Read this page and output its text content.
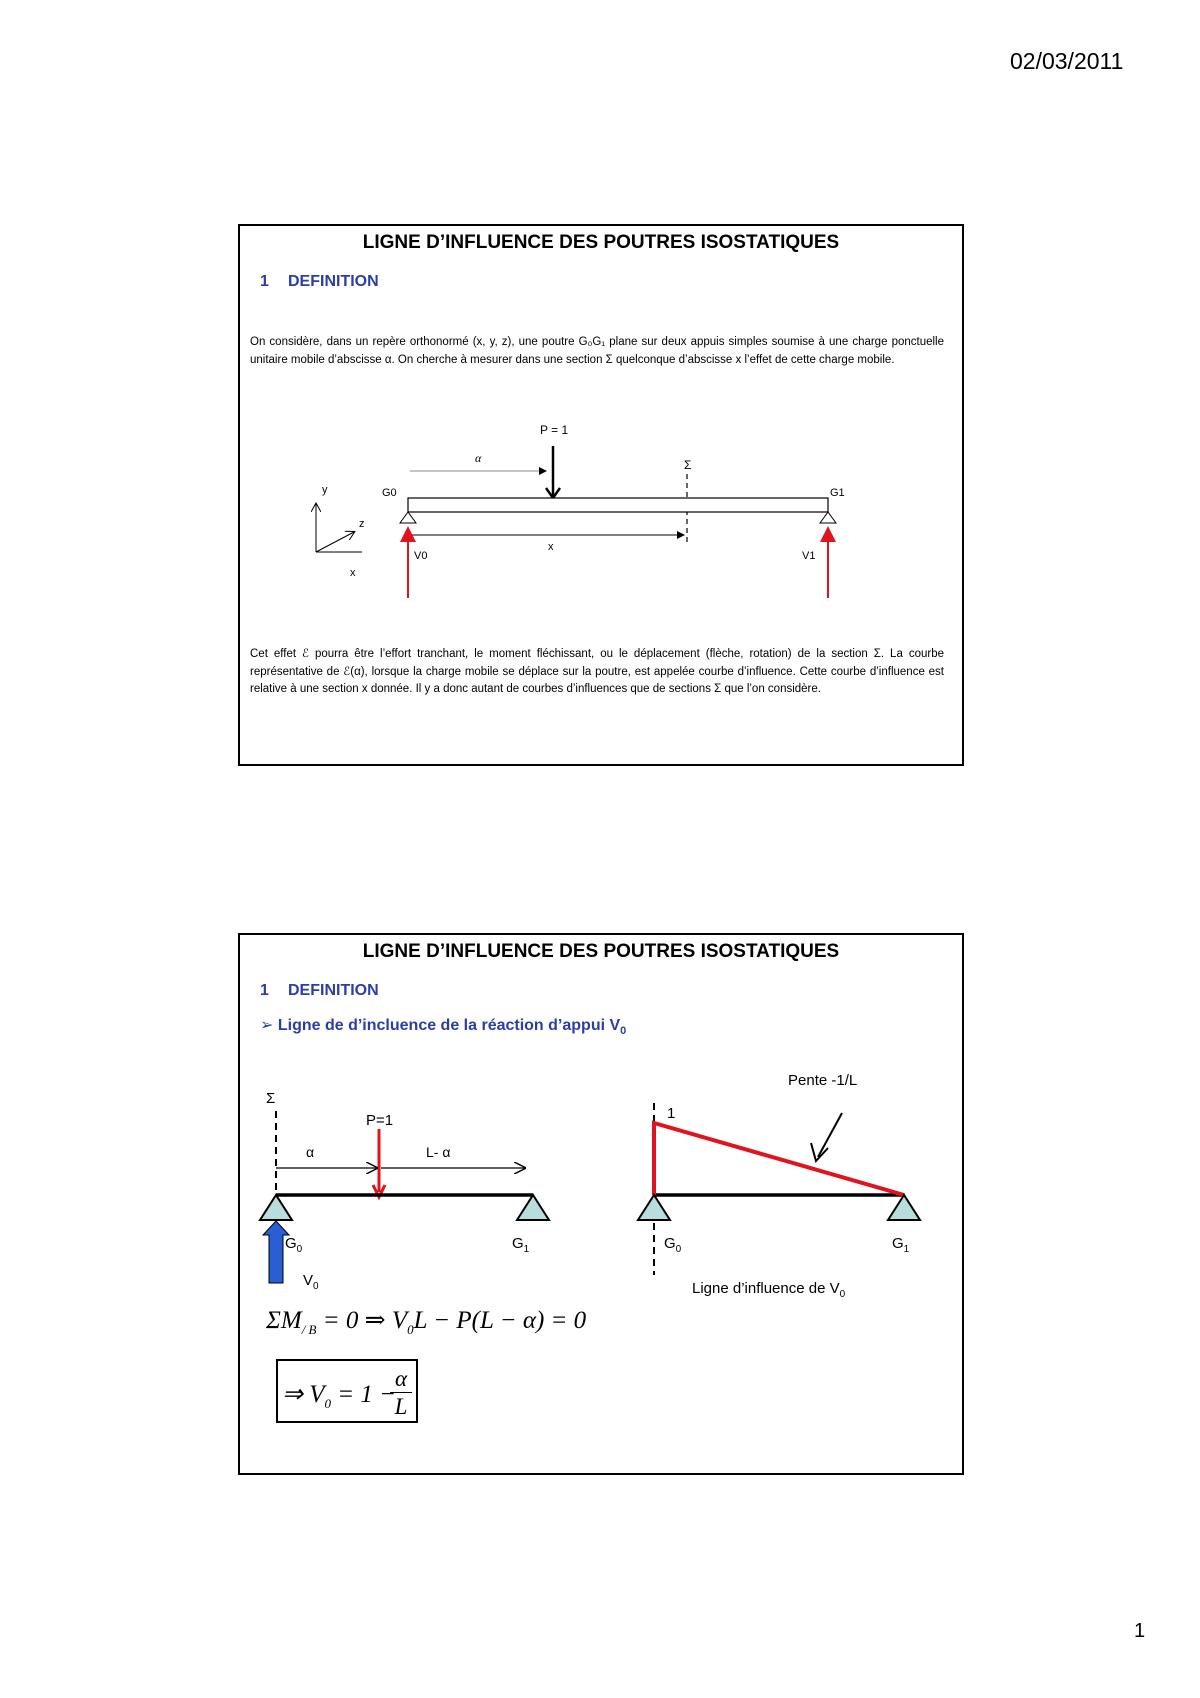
02/03/2011
LIGNE D’INFLUENCE DES POUTRES ISOSTATIQUES
1 DEFINITION
On considère, dans un repère orthonormé (x, y, z), une poutre G₀G₁ plane sur deux appuis simples soumise à une charge ponctuelle unitaire mobile d’abscisse α. On cherche à mesurer dans une section Σ quelconque d’abscisse x l’effet de cette charge mobile.
P = 1
α	Σ
G0	G1
x
V0	V1
y
z
x
Cet effet ℰ pourra être l’effort tranchant, le moment fléchissant, ou le déplacement (flèche, rotation) de la section Σ. La courbe représentative de ℰ(α), lorsque la charge mobile se déplace sur la poutre, est appelée courbe d’influence. Cette courbe d’influence est relative à une section x donnée. Il y a donc autant de courbes d’influences que de sections Σ que l’on considère.
LIGNE D’INFLUENCE DES POUTRES ISOSTATIQUES
1 DEFINITION
➢ Ligne de d’incluence de la réaction d’appui $V_0$
Σ
P=1
α	L- α
$G_0$	$G_1$
$V_0$
Pente -1/L
1
$G_0$	$G_1$
Ligne d’influence de $V_0$
$\Sigma M_{/ B} = 0$ ⇒ $V_0L - P(L - \alpha) = 0$
⇒ $V_0 = 1$ −
α
L
1
